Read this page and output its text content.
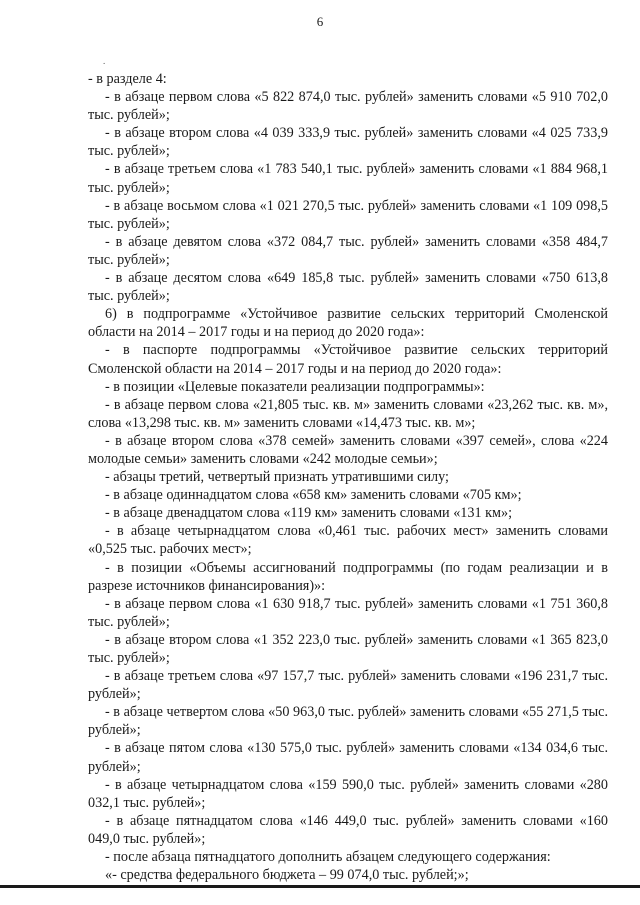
6
.

- в разделе 4:

- в абзаце первом слова «5 822 874,0 тыс. рублей» заменить словами «5 910 702,0 тыс. рублей»;

- в абзаце втором слова «4 039 333,9 тыс. рублей» заменить словами «4 025 733,9 тыс. рублей»;

- в абзаце третьем слова «1 783 540,1 тыс. рублей» заменить словами «1 884 968,1 тыс. рублей»;

- в абзаце восьмом слова «1 021 270,5 тыс. рублей» заменить словами «1 109 098,5 тыс. рублей»;

- в абзаце девятом слова «372 084,7 тыс. рублей» заменить словами «358 484,7 тыс. рублей»;

- в абзаце десятом слова «649 185,8 тыс. рублей» заменить словами «750 613,8 тыс. рублей»;

6) в подпрограмме «Устойчивое развитие сельских территорий Смоленской области на 2014 – 2017 годы и на период до 2020 года»:

- в паспорте подпрограммы «Устойчивое развитие сельских территорий Смоленской области на 2014 – 2017 годы и на период до 2020 года»:

- в позиции «Целевые показатели реализации подпрограммы»:

- в абзаце первом слова «21,805 тыс. кв. м» заменить словами «23,262 тыс. кв. м», слова «13,298 тыс. кв. м» заменить словами «14,473 тыс. кв. м»;

- в абзаце втором слова «378 семей» заменить словами «397 семей», слова «224 молодые семьи» заменить словами «242 молодые семьи»;

- абзацы третий, четвертый признать утратившими силу;

- в абзаце одиннадцатом слова «658 км» заменить словами «705 км»;

- в абзаце двенадцатом слова «119 км» заменить словами «131 км»;

- в абзаце четырнадцатом слова «0,461 тыс. рабочих мест» заменить словами «0,525 тыс. рабочих мест»;

- в позиции «Объемы ассигнований подпрограммы (по годам реализации и в разрезе источников финансирования)»:

- в абзаце первом слова «1 630 918,7 тыс. рублей» заменить словами «1 751 360,8 тыс. рублей»;

- в абзаце втором слова «1 352 223,0 тыс. рублей» заменить словами «1 365 823,0 тыс. рублей»;

- в абзаце третьем слова «97 157,7 тыс. рублей» заменить словами «196 231,7 тыс. рублей»;

- в абзаце четвертом слова «50 963,0 тыс. рублей» заменить словами «55 271,5 тыс. рублей»;

- в абзаце пятом слова «130 575,0 тыс. рублей» заменить словами «134 034,6 тыс. рублей»;

- в абзаце четырнадцатом слова «159 590,0 тыс. рублей» заменить словами «280 032,1 тыс. рублей»;

- в абзаце пятнадцатом слова «146 449,0 тыс. рублей» заменить словами «160 049,0 тыс. рублей»;

- после абзаца пятнадцатого дополнить абзацем следующего содержания:

«- средства федерального бюджета – 99 074,0 тыс. рублей;»;
